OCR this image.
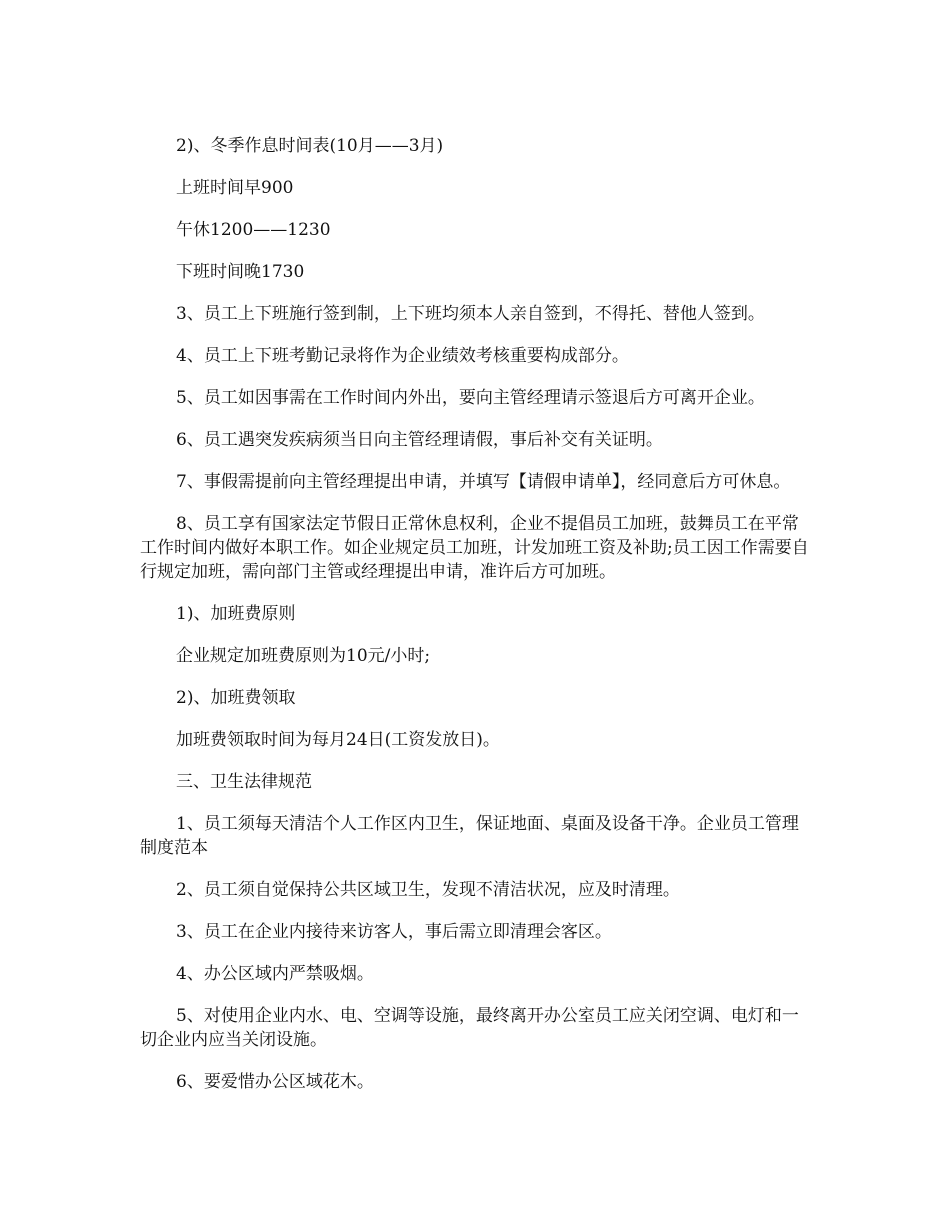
2)、冬季作息时间表(10月——3月)

上班时间早900

午休1200——1230

下班时间晚1730

3、员工上下班施行签到制，上下班均须本人亲自签到，不得托、替他人签到。

4、员工上下班考勤记录将作为企业绩效考核重要构成部分。

5、员工如因事需在工作时间内外出，要向主管经理请示签退后方可离开企业。

6、员工遇突发疾病须当日向主管经理请假，事后补交有关证明。

7、事假需提前向主管经理提出申请，并填写【请假申请单】，经同意后方可休息。

8、员工享有国家法定节假日正常休息权利，企业不提倡员工加班，鼓舞员工在平常工作时间内做好本职工作。如企业规定员工加班，计发加班工资及补助;员工因工作需要自行规定加班，需向部门主管或经理提出申请，准许后方可加班。

1)、加班费原则

企业规定加班费原则为10元/小时;

2)、加班费领取

加班费领取时间为每月24日(工资发放日)。

三、卫生法律规范

1、员工须每天清洁个人工作区内卫生，保证地面、桌面及设备干净。企业员工管理制度范本

2、员工须自觉保持公共区域卫生，发现不清洁状况，应及时清理。

3、员工在企业内接待来访客人，事后需立即清理会客区。

4、办公区域内严禁吸烟。

5、对使用企业内水、电、空调等设施，最终离开办公室员工应关闭空调、电灯和一切企业内应当关闭设施。

6、要爱惜办公区域花木。
